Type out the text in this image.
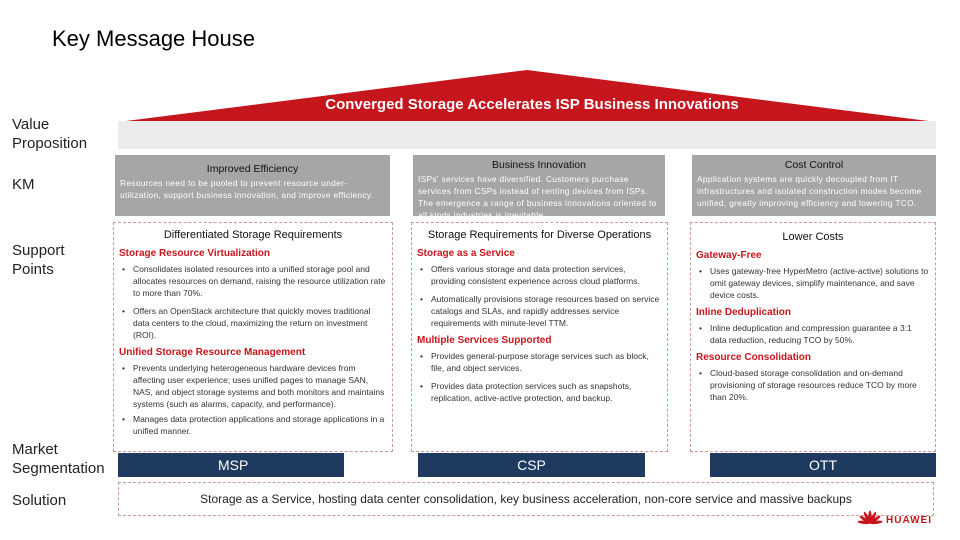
Key Message House
Value
Proposition
KM
Support
Points
Market
Segmentation
Solution
Converged Storage Accelerates ISP Business Innovations
Improved Efficiency
Resources need to be pooled to prevent resource under-utilization, support business innovation, and improve efficiency.
Business Innovation
ISPs' services have diversified. Customers purchase services from CSPs instead of renting devices from ISPs. The emergence a range of business innovations oriented to all kinds industries is inevitable.
Cost Control
Application systems are quickly decoupled from IT infrastructures and isolated construction modes become unified, greatly improving efficiency and lowering TCO.
Differentiated Storage Requirements
Storage Resource Virtualization
• Consolidates isolated resources into a unified storage pool and allocates resources on demand, raising the resource utilization rate to more than 70%.
• Offers an OpenStack architecture that quickly moves traditional data centers to the cloud, maximizing the return on investment (ROI).
Unified Storage Resource Management
• Prevents underlying heterogeneous hardware devices from affecting user experience; uses unified pages to manage SAN, NAS, and object storage systems and both monitors and maintains systems (such as alarms, capacity, and performance).
• Manages data protection applications and storage applications in a unified manner.
Storage Requirements for Diverse Operations
Storage as a Service
• Offers various storage and data protection services, providing consistent experience across cloud platforms.
• Automatically provisions storage resources based on service catalogs and SLAs, and rapidly addresses service requirements with minute-level TTM.
Multiple Services Supported
• Provides general-purpose storage services such as block, file, and object services.
• Provides data protection services such as snapshots, replication, active-active protection, and backup.
Lower Costs
Gateway-Free
• Uses gateway-free HyperMetro (active-active) solutions to omit gateway devices, simplify maintenance, and save device costs.
Inline Deduplication
• Inline deduplication and compression guarantee a 3:1 data reduction, reducing TCO by 50%.
Resource Consolidation
• Cloud-based storage consolidation and on-demand provisioning of storage resources reduce TCO by more than 20%.
MSP	CSP	OTT
Storage as a Service, hosting data center consolidation, key business acceleration, non-core service and massive backups
HUAWEI
